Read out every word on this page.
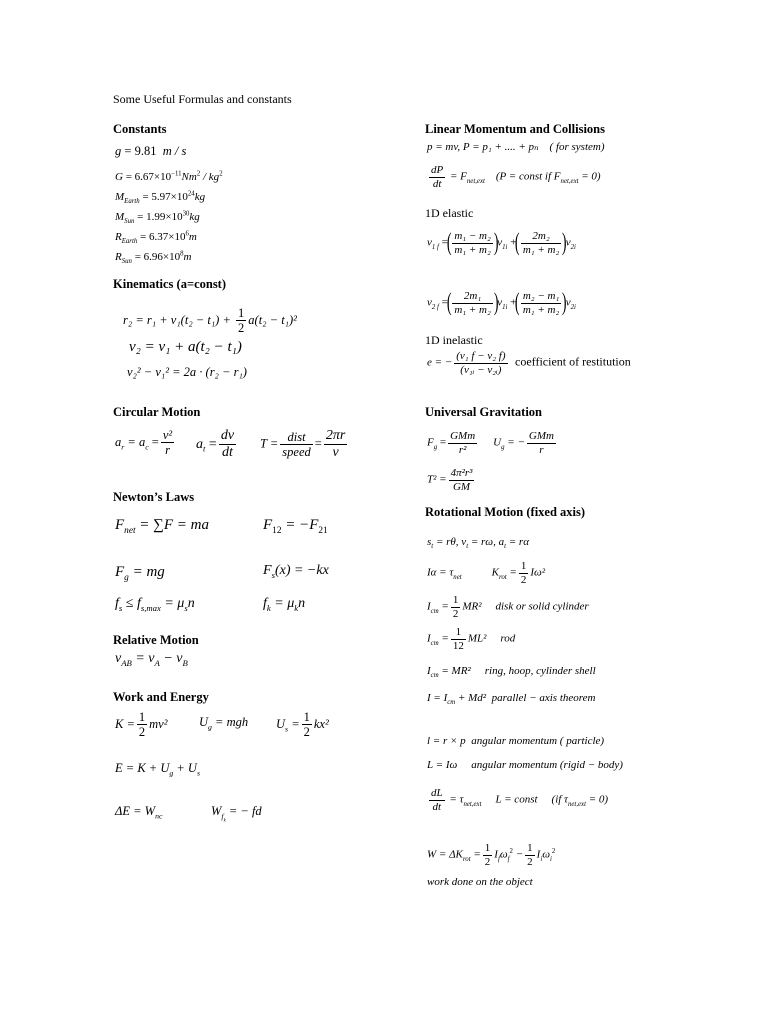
Some Useful Formulas and constants
Constants
g = 9.81 m / s
$G = 6.67\times 10^{-11}Nm^2 / kg^2$
$M_{Earth} = 5.97\times 10^{24}kg$
$M_{Sun} = 1.99\times 10^{30}kg$
$R_{Earth} = 6.37\times 10^6m$
$R_{Sun} = 6.96\times 10^8m$
Kinematics (a=const)
$r_2 = r_1 + v_1(t_2 - t_1) + \frac{1}{2} a(t_2 - t_1)^2$
v₂ = v₁ + a(t₂ − t₁)
v₂² − v₁² = 2a · (r₂ − r₁)
Circular Motion
$a_r = a_c = \frac{\text{v²}}{r} a_t = \frac{dv}{dt}$ T = dist
speed
= $\frac{2\pi r}{v}$
Newton’s Laws
$F_{net} = \sum F$ = ma	$F_{12} = -F_{21}$
$F_g$ = mg	$F_s(x) = -kx$
$f_s \le f_{s,max} = \mu_sn$	$f_k = \mu_kn$
Relative Motion
$v_{AB} = v_A - v_B$
Work and Energy
$K = \frac{1}{2} mv^2$	$U_g$ = mgh $U_s = \frac{1}{2} kx^2$
$E = K + U_g + U_s$
$\Delta E = W_{nc}$	$W_{f_k}$ = − fd
Linear Momentum and Collisions
p = mv, P = p₁ + .... + pₙ ( for system)
$\frac{dP}{dt} = F_{net,ext}$ (P = const if $F_{net,ext} = 0$)
1D elastic
$v_{1 f}$ =( $\frac{\text{m₁ − m₂}}{\text{m₁ + m₂}} )v_{1i}$ +( $\frac{\text{2m₂}}{\text{m₁ + m₂}} )v_{2i}$
$v_{2 f}$ =( $\frac{\text{2m₁}}{\text{m₁ + m₂}} )v_{1i}$ +( $\frac{\text{m₂ − m₁}}{\text{m₁ + m₂}} )v_{2i}$
1D inelastic
e = − $\frac{\text{(v₁ f − v₂ f)}}{\text{(v₁ᵢ − v₂ᵢ)}}$ coefficient of restitution
Universal Gravitation
$F_g$ =
GMm
r²
$U_g$ = −
GMm
r
$T^2 = \frac{\text{4π²r³}}{GM}$
Rotational Motion (fixed axis)
$s_t = r\theta$, $v_t = r\omega$, $a_t = r\alpha$
$I\alpha = \tau_{net}$	$K_{rot} = \frac{1}{2} I\omega^2$
$I_{cm} = \frac{1}{2} MR^2$ disk or solid cylinder
$I_{cm} = \frac{1}{12} ML^2$ rod
$I_{cm} = MR^2$ ring, hoop, cylinder shell
$I = I_{cm} + Md^2$ parallel − axis theorem
l = r × p angular momentum ( particle)
L = Iω angular momentum (rigid − body)
$\frac{dL}{dt} = \tau_{net,ext}$ L = const (if $\tau_{net,ext} = 0$)
$W = \Delta K_{rot} = \frac{1}{2} I_f\omega_f^2 - \frac{1}{2} I_i\omega_i^2$
work done on the object
